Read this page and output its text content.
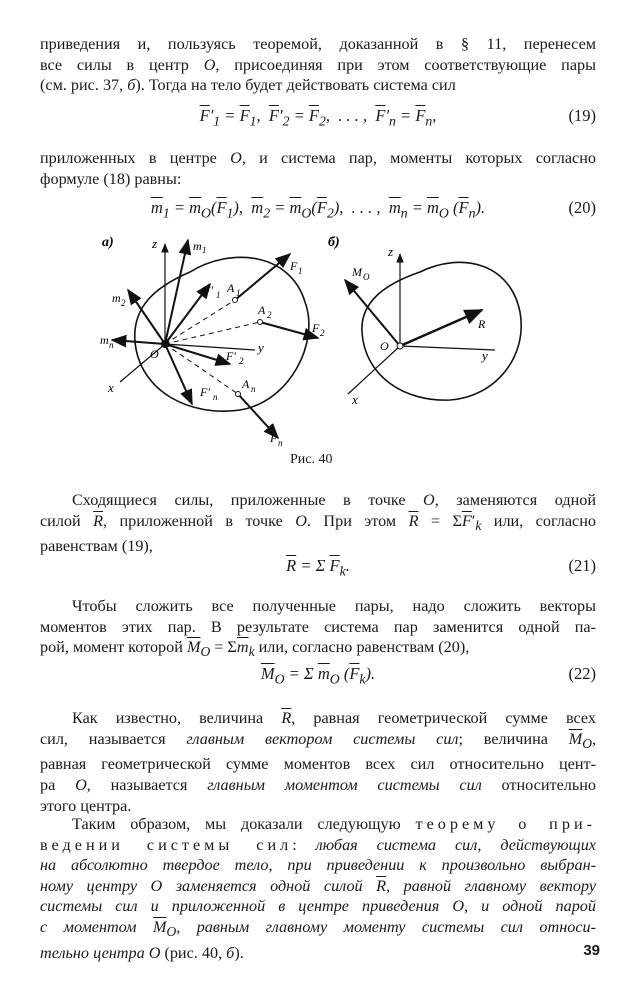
приведения и, пользуясь теоремой, доказанной в § 11, перенесем
все силы в центр O, присоединяя при этом соответствующие пары
(см. рис. 37, б). Тогда на тело будет действовать система сил
$\overline{F}'_1 = \overline{F}_1$,  $\overline{F}'_2 = \overline{F}_2$,  . . . ,  $\overline{F}'_n = \overline{F}_n$,	(19)
приложенных в центре O, и система пар, моменты которых согласно
формуле (18) равны:
$\overline{m}_1 = \overline{m}_O(\overline{F}_1)$,  $\overline{m}_2 = \overline{m}_O(\overline{F}_2)$,  . . . ,  $\overline{m}_n = \overline{m}_O$ $(\overline{F}_n)$.	(20)
а)	z	m 1
m 2
m n
O	y
x
F′ 1 A 1
A 2
F 1
F 2
F′ 2
F′ n
A n
F n
б)
z
M O
R
O
y
x
Рис. 40
Сходящиеся силы, приложенные в точке O, заменяются одной
силой $\overline{R}$, приложенной в точке O. При этом $\overline{R} = \Sigma\overline{F}'_k$ или, согласно
равенствам (19),
$\overline{R} = \Sigma$ $\overline{F}_k$.	(21)
Чтобы сложить все полученные пары, надо сложить векторы
моментов этих пар. В результате система пар заменится одной па-
рой, момент которой $\overline{M}_O = \Sigma\overline{m}_k$ или, согласно равенствам (20),
$\overline{M}_O = \Sigma$ $\overline{m}_O$ $(\overline{F}_k)$.	(22)
Как известно, величина $\overline{R}$, равная геометрической сумме всех
сил, называется главным вектором системы сил; величина $\overline{M}_O$,
равная геометрической сумме моментов всех сил относительно цент-
ра O, называется главным моментом системы сил относительно
этого центра.
Таким образом, мы доказали следующую теорему о при-
ведении системы сил: любая система сил, действующих
на абсолютно твердое тело, при приведении к произвольно выбран-
ному центру O заменяется одной силой $\overline{R}$, равной главному вектору
системы сил и приложенной в центре приведения O, и одной парой
с моментом $\overline{M}_O$, равным главному моменту системы сил относи-
тельно центра O (рис. 40, б).	39
